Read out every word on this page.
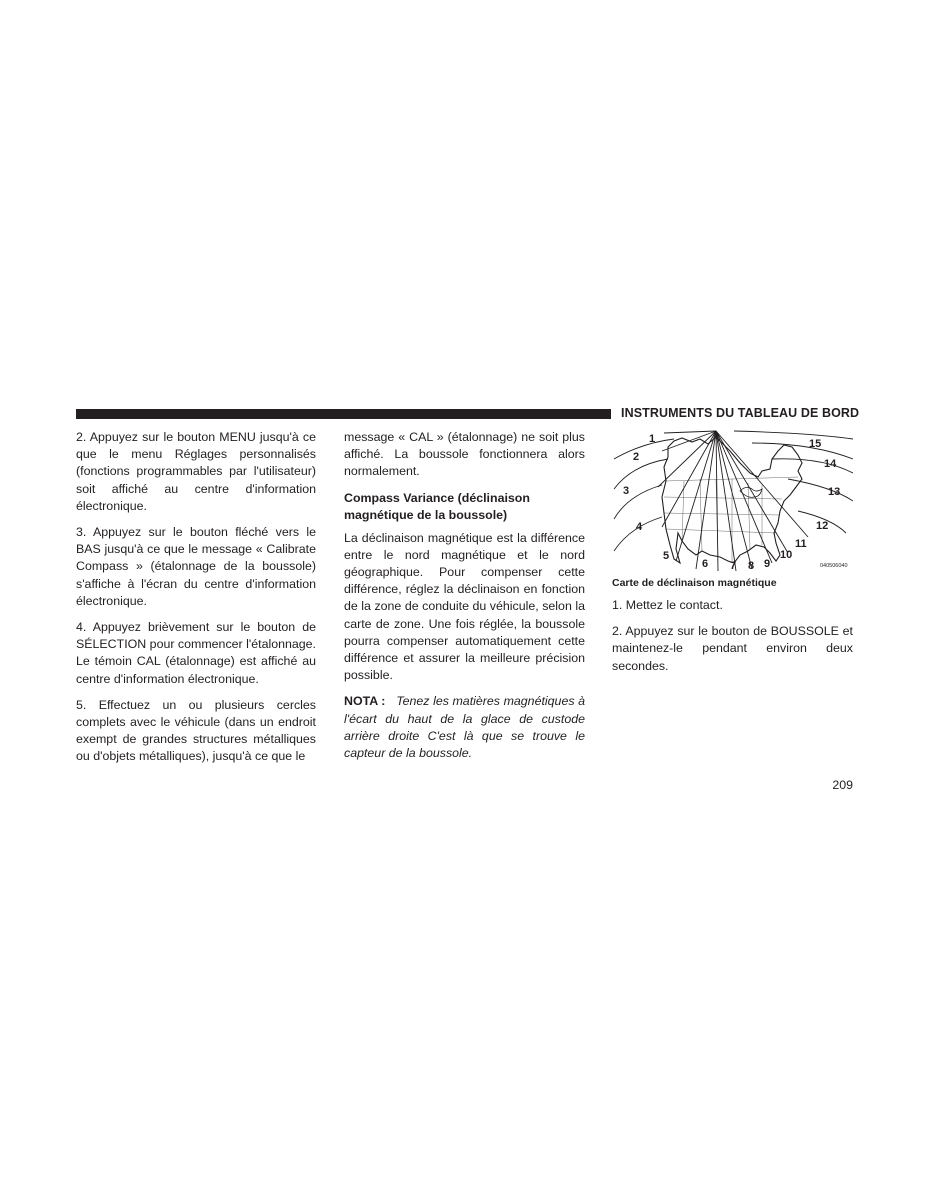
INSTRUMENTS DU TABLEAU DE BORD

2. Appuyez sur le bouton MENU jusqu'à ce que le menu Réglages personnalisés (fonctions programmables par l'utilisateur) soit affiché au centre d'information électronique.

3. Appuyez sur le bouton fléché vers le BAS jusqu'à ce que le message « Calibrate Compass » (étalonnage de la boussole) s'affiche à l'écran du centre d'information électronique.

4. Appuyez brièvement sur le bouton de SÉLECTION pour commencer l'étalonnage. Le témoin CAL (étalonnage) est affiché au centre d'information électronique.

5. Effectuez un ou plusieurs cercles complets avec le véhicule (dans un endroit exempt de grandes structures métalliques ou d'objets métalliques), jusqu'à ce que le

message « CAL » (étalonnage) ne soit plus affiché. La boussole fonctionnera alors normalement.

Compass Variance (déclinaison magnétique de la boussole)

La déclinaison magnétique est la différence entre le nord magnétique et le nord géographique. Pour compenser cette différence, réglez la déclinaison en fonction de la zone de conduite du véhicule, selon la carte de zone. Une fois réglée, la boussole pourra compenser automatiquement cette différence et assurer la meilleure précision possible.

NOTA : Tenez les matières magnétiques à l'écart du haut de la glace de custode arrière droite C'est là que se trouve le capteur de la boussole.

1
2
3
4
5
6 7 8 9
10
11
12
13
14
15
040506040

Carte de déclinaison magnétique

1. Mettez le contact.

2. Appuyez sur le bouton de BOUSSOLE et maintenez-le pendant environ deux secondes.

209
